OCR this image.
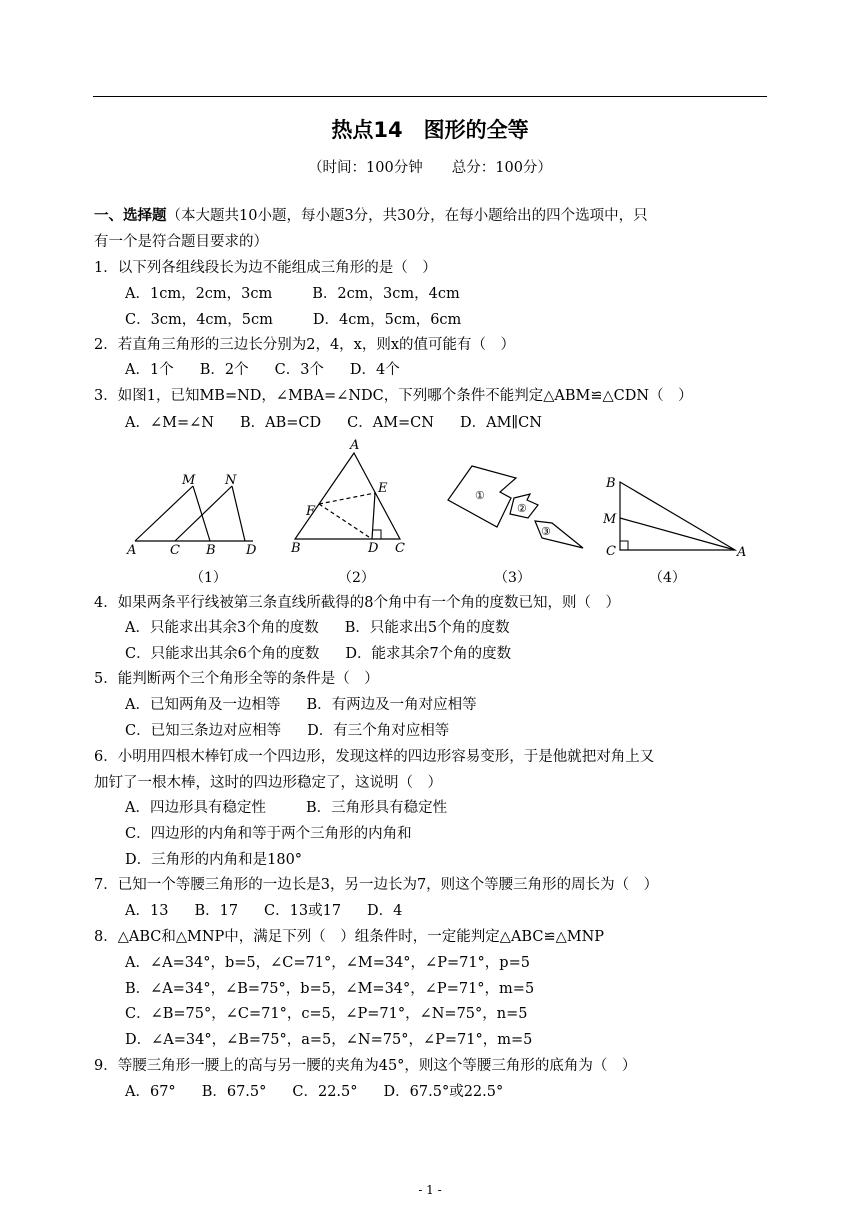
热点14　图形的全等
（时间：100分钟　　总分：100分）
一、选择题（本大题共10小题，每小题3分，共30分，在每小题给出的四个选项中，只
有一个是符合题目要求的）
1．以下列各组线段长为边不能组成三角形的是（　）
A．1cm，2cm，3cm	B．2cm，3cm，4cm
C．3cm，4cm，5cm	D．4cm，5cm，6cm
2．若直角三角形的三边长分别为2，4，x，则x的值可能有（　）
A．1个 B．2个 C．3个 D．4个
3．如图1，已知MB=ND，∠MBA=∠NDC，下列哪个条件不能判定△ABM≌△CDN（　）
A．∠M=∠N B．AB=CD C．AM=CN D．AM∥CN
M N
A	C B D
A
E
F
B	D C
①
②
③
B
M
C	A
（1）	（2）	（3）	（4）
4．如果两条平行线被第三条直线所截得的8个角中有一个角的度数已知，则（　）
A．只能求出其余3个角的度数 B．只能求出5个角的度数
C．只能求出其余6个角的度数 D．能求其余7个角的度数
5．能判断两个三个角形全等的条件是（　）
A．已知两角及一边相等 B．有两边及一角对应相等
C．已知三条边对应相等 D．有三个角对应相等
6．小明用四根木棒钉成一个四边形，发现这样的四边形容易变形，于是他就把对角上又
加钉了一根木棒，这时的四边形稳定了，这说明（　）
A．四边形具有稳定性	B．三角形具有稳定性
C．四边形的内角和等于两个三角形的内角和
D．三角形的内角和是180°
7．已知一个等腰三角形的一边长是3，另一边长为7，则这个等腰三角形的周长为（　）
A．13 B．17 C．13或17 D．4
8．△ABC和△MNP中，满足下列（　）组条件时，一定能判定△ABC≌△MNP
A．∠A=34°，b=5，∠C=71°，∠M=34°，∠P=71°，p=5
B．∠A=34°，∠B=75°，b=5，∠M=34°，∠P=71°，m=5
C．∠B=75°，∠C=71°，c=5，∠P=71°，∠N=75°，n=5
D．∠A=34°，∠B=75°，a=5，∠N=75°，∠P=71°，m=5
9．等腰三角形一腰上的高与另一腰的夹角为45°，则这个等腰三角形的底角为（　）
A．67° B．67.5° C．22.5° D．67.5°或22.5°
- 1 -
